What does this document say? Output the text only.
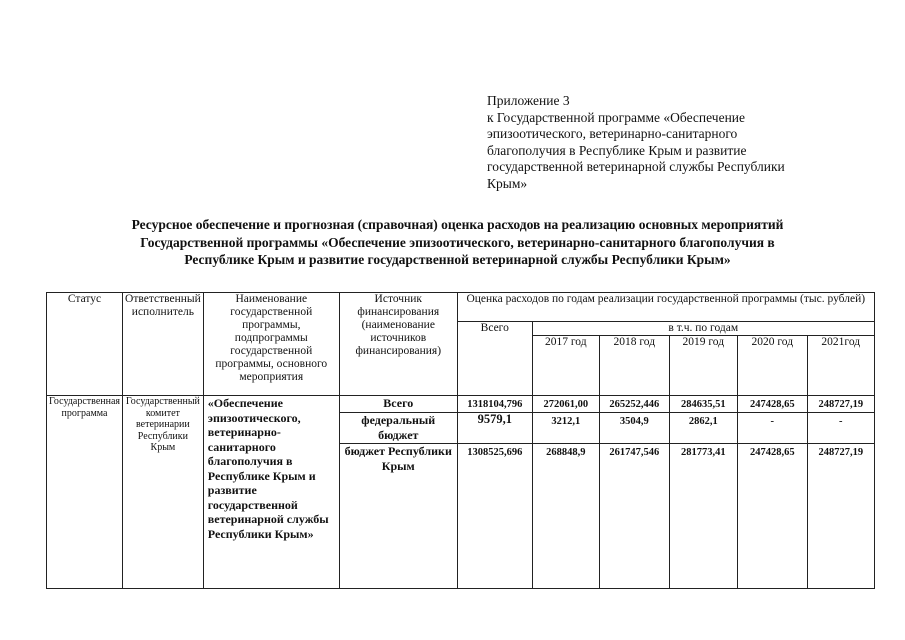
Приложение 3
к Государственной программе «Обеспечение
эпизоотического, ветеринарно-санитарного
благополучия в Республике Крым и развитие
государственной ветеринарной службы Республики
Крым»
Ресурсное обеспечение и прогнозная (справочная) оценка расходов на реализацию основных мероприятий
Государственной программы «Обеспечение эпизоотического, ветеринарно-санитарного благополучия в
Республике Крым и развитие государственной ветеринарной службы Республики Крым»
Статус	Ответственный исполнитель	Наименование государственной программы, подпрограммы государственной программы, основного мероприятия	Источник финансирования (наименование источников финансирования)	Оценка расходов по годам реализации государственной программы (тыс. рублей)					
				Всего	в т.ч. по годам				
					2017 год	2018 год	2019 год	2020 год	2021год
Государственная программа	Государственный комитет ветеринарии Республики Крым	«Обеспечение эпизоотического, ветеринарно-санитарного благополучия в Республике Крым и развитие государственной ветеринарной службы Республики Крым»	Всего	1318104,796	272061,00	265252,446	284635,51	247428,65	248727,19
			федеральный бюджет	9579,1	3212,1	3504,9	2862,1	-	-
			бюджет Республики Крым	1308525,696	268848,9	261747,546	281773,41	247428,65	248727,19
